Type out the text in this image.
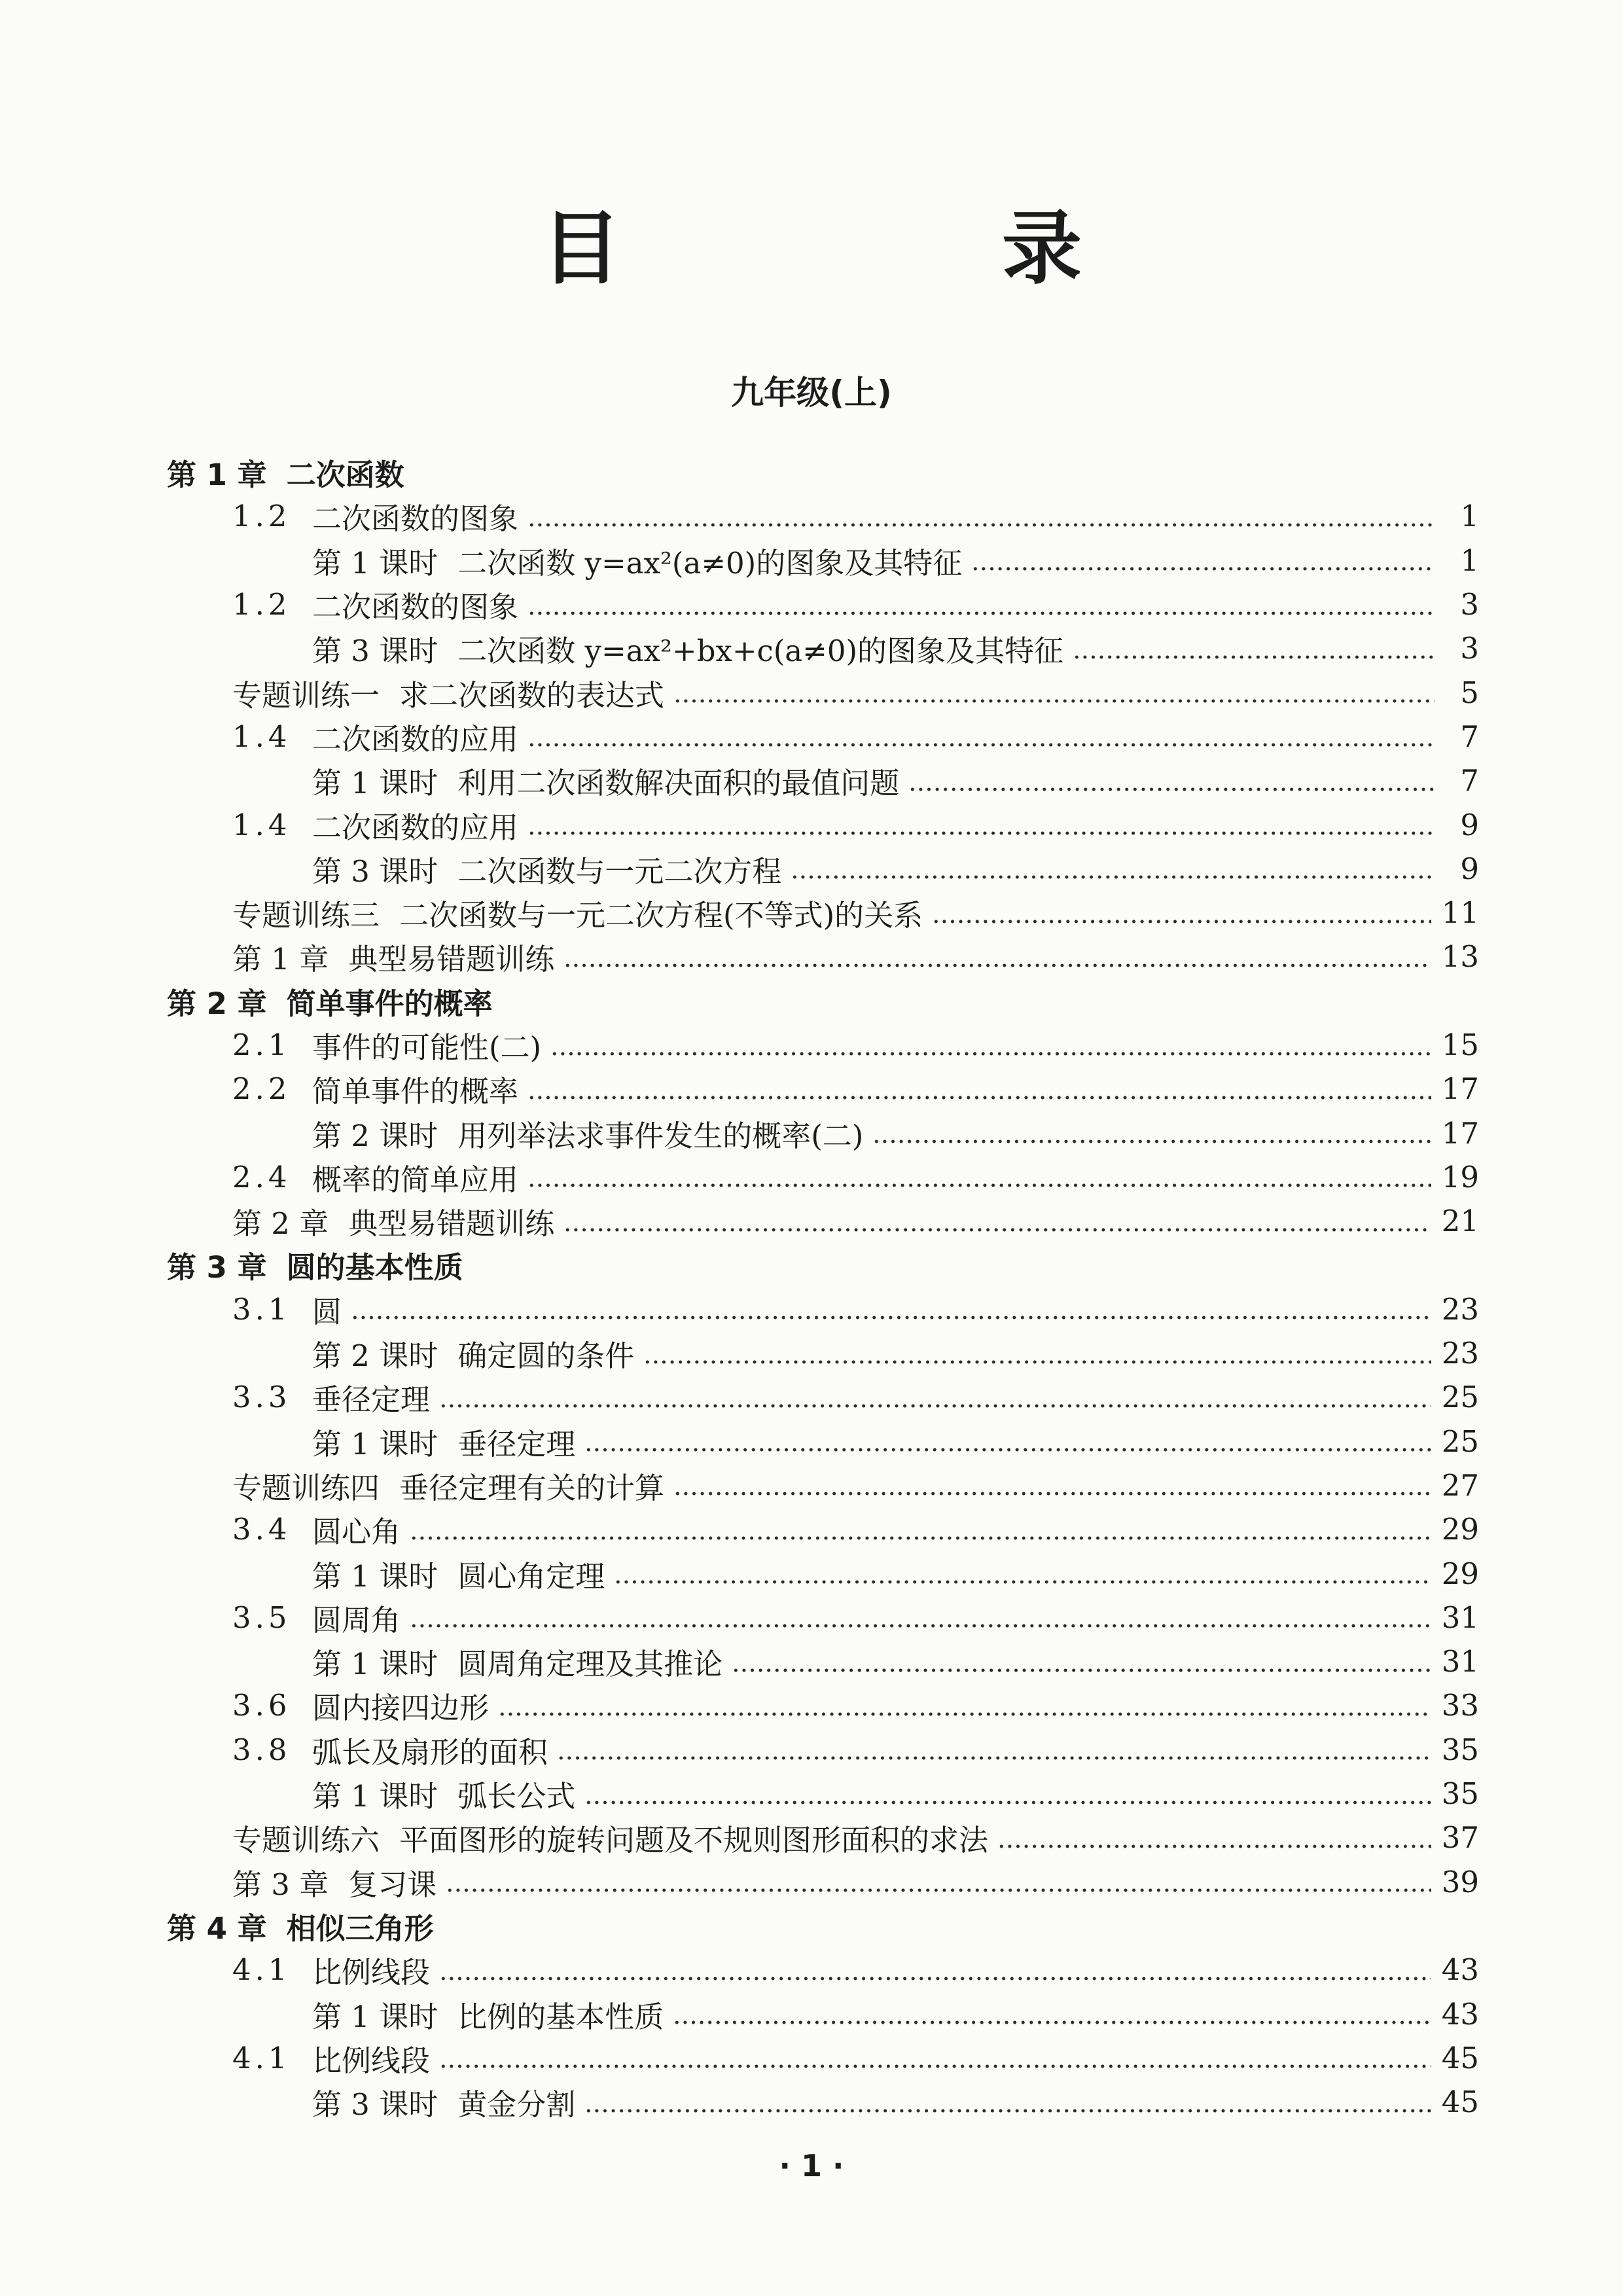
目　录
九年级(上)
第 1 章 二次函数
1.2 二次函数的图象	1
第 1 课时 二次函数 y=ax²(a≠0)的图象及其特征	1
1.2 二次函数的图象	3
第 3 课时 二次函数 y=ax²+bx+c(a≠0)的图象及其特征	3
专题训练一 求二次函数的表达式	5
1.4 二次函数的应用	7
第 1 课时 利用二次函数解决面积的最值问题	7
1.4 二次函数的应用	9
第 3 课时 二次函数与一元二次方程	9
专题训练三 二次函数与一元二次方程(不等式)的关系	11
第 1 章 典型易错题训练	13
第 2 章 简单事件的概率
2.1 事件的可能性(二)	15
2.2 简单事件的概率	17
第 2 课时 用列举法求事件发生的概率(二)	17
2.4 概率的简单应用	19
第 2 章 典型易错题训练	21
第 3 章 圆的基本性质
3.1 圆	23
第 2 课时 确定圆的条件	23
3.3 垂径定理	25
第 1 课时 垂径定理	25
专题训练四 垂径定理有关的计算	27
3.4 圆心角	29
第 1 课时 圆心角定理	29
3.5 圆周角	31
第 1 课时 圆周角定理及其推论	31
3.6 圆内接四边形	33
3.8 弧长及扇形的面积	35
第 1 课时 弧长公式	35
专题训练六 平面图形的旋转问题及不规则图形面积的求法	37
第 3 章 复习课	39
第 4 章 相似三角形
4.1 比例线段	43
第 1 课时 比例的基本性质	43
4.1 比例线段	45
第 3 课时 黄金分割	45
· 1 ·
